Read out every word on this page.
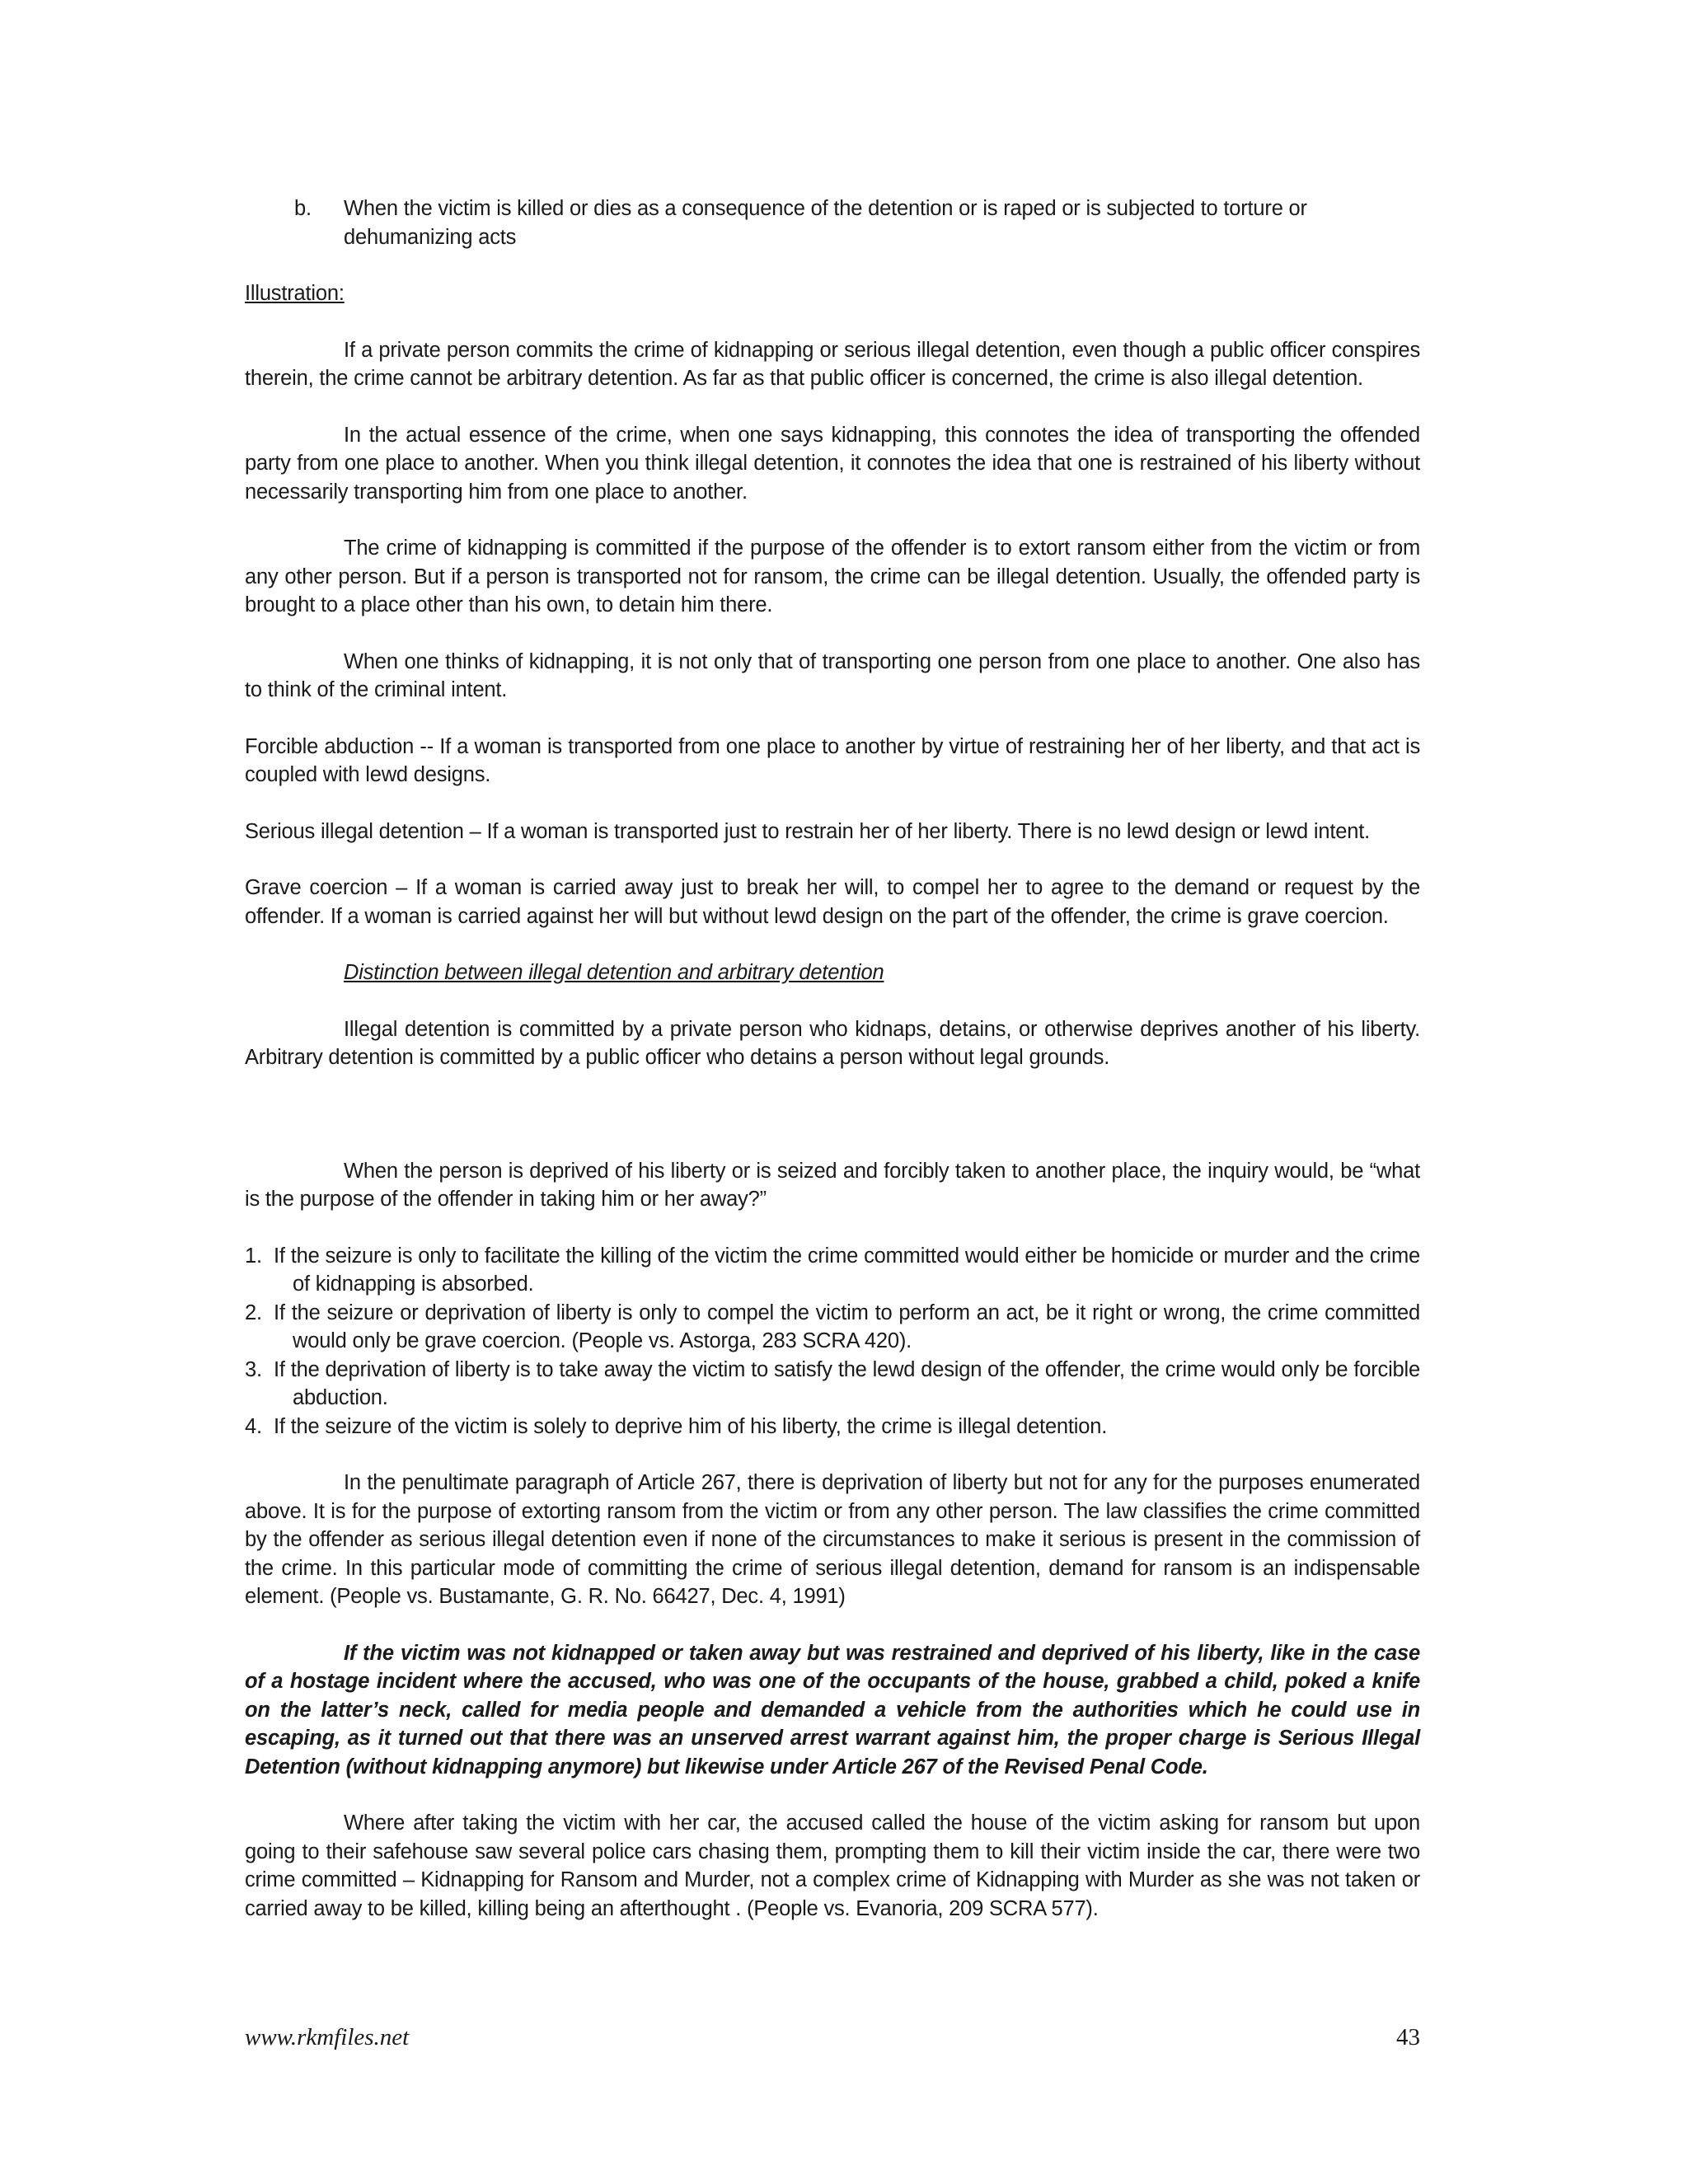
b. When the victim is killed or dies as a consequence of the detention or is raped or is subjected to torture or dehumanizing acts

Illustration:

If a private person commits the crime of kidnapping or serious illegal detention, even though a public officer conspires therein, the crime cannot be arbitrary detention. As far as that public officer is concerned, the crime is also illegal detention.

In the actual essence of the crime, when one says kidnapping, this connotes the idea of transporting the offended party from one place to another. When you think illegal detention, it connotes the idea that one is restrained of his liberty without necessarily transporting him from one place to another.

The crime of kidnapping is committed if the purpose of the offender is to extort ransom either from the victim or from any other person. But if a person is transported not for ransom, the crime can be illegal detention. Usually, the offended party is brought to a place other than his own, to detain him there.

When one thinks of kidnapping, it is not only that of transporting one person from one place to another. One also has to think of the criminal intent.

Forcible abduction -- If a woman is transported from one place to another by virtue of restraining her of her liberty, and that act is coupled with lewd designs.

Serious illegal detention – If a woman is transported just to restrain her of her liberty. There is no lewd design or lewd intent.

Grave coercion – If a woman is carried away just to break her will, to compel her to agree to the demand or request by the offender. If a woman is carried against her will but without lewd design on the part of the offender, the crime is grave coercion.

Distinction between illegal detention and arbitrary detention

Illegal detention is committed by a private person who kidnaps, detains, or otherwise deprives another of his liberty. Arbitrary detention is committed by a public officer who detains a person without legal grounds.

When the person is deprived of his liberty or is seized and forcibly taken to another place, the inquiry would, be “what is the purpose of the offender in taking him or her away?”

1. If the seizure is only to facilitate the killing of the victim the crime committed would either be homicide or murder and the crime of kidnapping is absorbed.
2. If the seizure or deprivation of liberty is only to compel the victim to perform an act, be it right or wrong, the crime committed would only be grave coercion. (People vs. Astorga, 283 SCRA 420).
3. If the deprivation of liberty is to take away the victim to satisfy the lewd design of the offender, the crime would only be forcible abduction.
4. If the seizure of the victim is solely to deprive him of his liberty, the crime is illegal detention.

In the penultimate paragraph of Article 267, there is deprivation of liberty but not for any for the purposes enumerated above. It is for the purpose of extorting ransom from the victim or from any other person. The law classifies the crime committed by the offender as serious illegal detention even if none of the circumstances to make it serious is present in the commission of the crime. In this particular mode of committing the crime of serious illegal detention, demand for ransom is an indispensable element. (People vs. Bustamante, G. R. No. 66427, Dec. 4, 1991)

If the victim was not kidnapped or taken away but was restrained and deprived of his liberty, like in the case of a hostage incident where the accused, who was one of the occupants of the house, grabbed a child, poked a knife on the latter’s neck, called for media people and demanded a vehicle from the authorities which he could use in escaping, as it turned out that there was an unserved arrest warrant against him, the proper charge is Serious Illegal Detention (without kidnapping anymore) but likewise under Article 267 of the Revised Penal Code.

Where after taking the victim with her car, the accused called the house of the victim asking for ransom but upon going to their safehouse saw several police cars chasing them, prompting them to kill their victim inside the car, there were two crime committed – Kidnapping for Ransom and Murder, not a complex crime of Kidnapping with Murder as she was not taken or carried away to be killed, killing being an afterthought . (People vs. Evanoria, 209 SCRA 577).

www.rkmfiles.net	43
